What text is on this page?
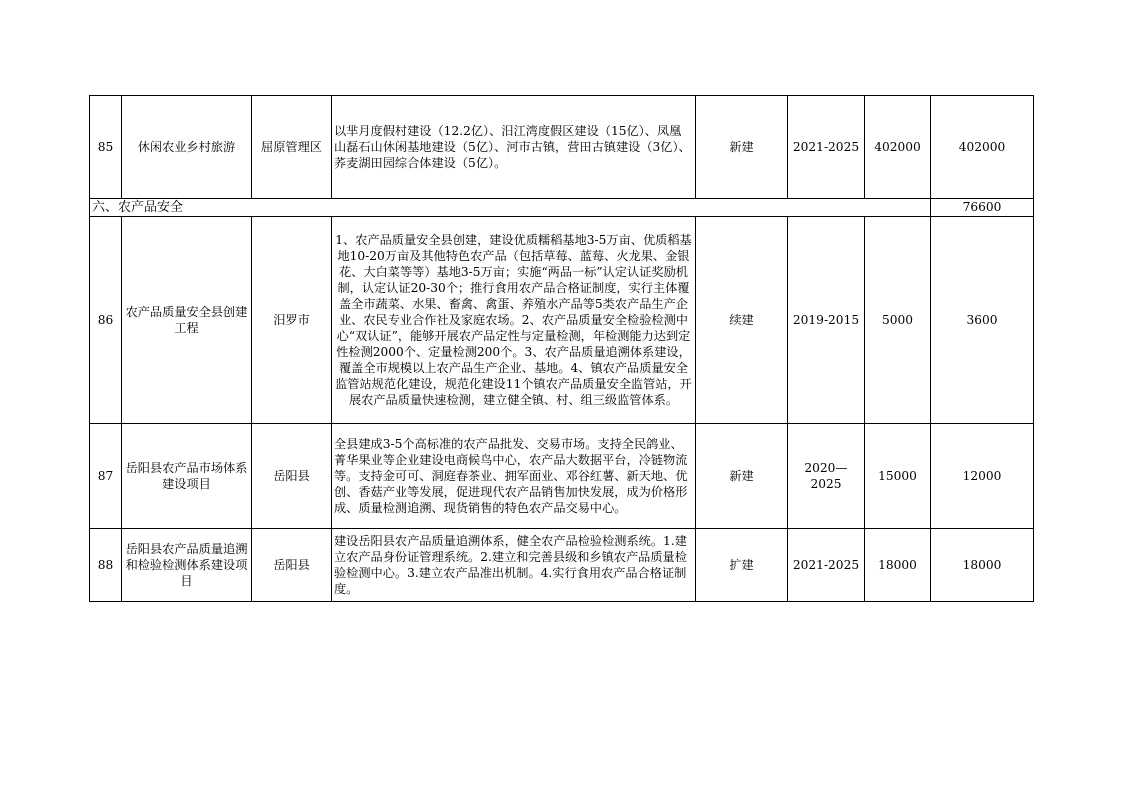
85	休闲农业乡村旅游	屈原管理区	以芈月度假村建设（12.2亿）、汨江湾度假区建设（15亿）、凤凰山磊石山休闲基地建设（5亿）、河市古镇，营田古镇建设（3亿）、荞麦湖田园综合体建设（5亿）。	新建	2021-2025	402000	402000
六、农产品安全							76600
86	农产品质量安全县创建工程	汨罗市	1、农产品质量安全县创建，建设优质糯稻基地3-5万亩、优质稻基地10-20万亩及其他特色农产品（包括草莓、蓝莓、火龙果、金银花、大白菜等等）基地3-5万亩；实施“两品一标”认定认证奖励机制，认定认证20-30个；推行食用农产品合格证制度，实行主体覆盖全市蔬菜、水果、畜禽、禽蛋、养殖水产品等5类农产品生产企业、农民专业合作社及家庭农场。2、农产品质量安全检验检测中心“双认证”，能够开展农产品定性与定量检测，年检测能力达到定性检测2000个、定量检测200个。3、农产品质量追溯体系建设，覆盖全市规模以上农产品生产企业、基地。4、镇农产品质量安全监管站规范化建设，规范化建设11个镇农产品质量安全监管站，开展农产品质量快速检测，建立健全镇、村、组三级监管体系。	续建	2019-2015	5000	3600
87	岳阳县农产品市场体系建设项目	岳阳县	全县建成3-5个高标准的农产品批发、交易市场。支持全民鸽业、菁华果业等企业建设电商候鸟中心，农产品大数据平台，冷链物流等。支持金可可、洞庭春茶业、拥军面业、邓谷红薯、新天地、优创、香菇产业等发展，促进现代农产品销售加快发展，成为价格形成、质量检测追溯、现货销售的特色农产品交易中心。	新建	2020—2025	15000	12000
88	岳阳县农产品质量追溯和检验检测体系建设项目	岳阳县	建设岳阳县农产品质量追溯体系，健全农产品检验检测系统。1.建立农产品身份证管理系统。2.建立和完善县级和乡镇农产品质量检验检测中心。3.建立农产品准出机制。4.实行食用农产品合格证制度。	扩建	2021-2025	18000	18000
